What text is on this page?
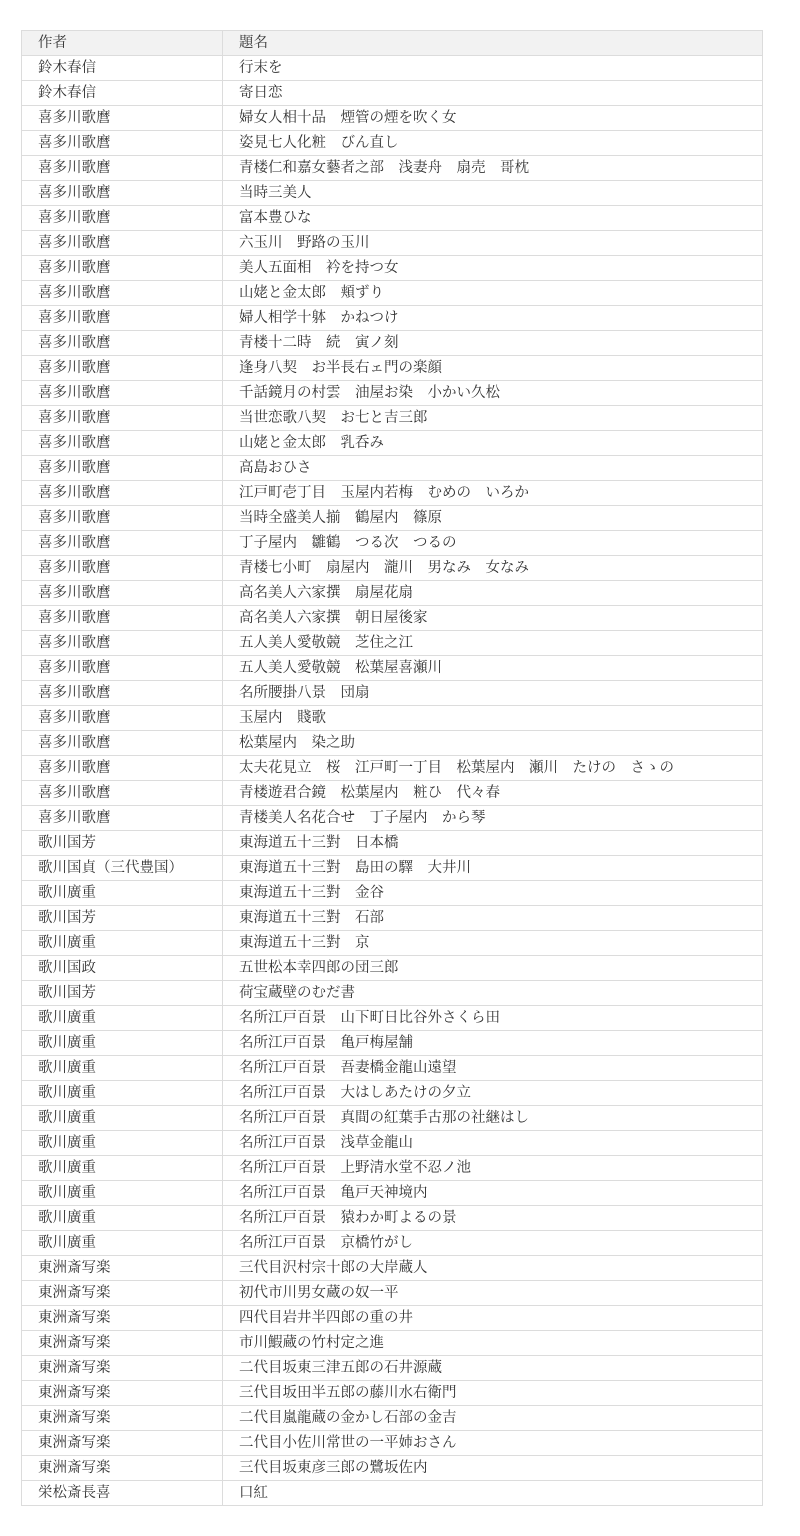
作者	題名
鈴木春信	行末を
鈴木春信	寄日恋
喜多川歌麿	婦女人相十品　煙管の煙を吹く女
喜多川歌麿	姿見七人化粧　びん直し
喜多川歌麿	青楼仁和嘉女藝者之部　浅妻舟　扇売　哥枕
喜多川歌麿	当時三美人
喜多川歌麿	富本豊ひな
喜多川歌麿	六玉川　野路の玉川
喜多川歌麿	美人五面相　衿を持つ女
喜多川歌麿	山姥と金太郎　頬ずり
喜多川歌麿	婦人相学十躰　かねつけ
喜多川歌麿	青楼十二時　続　寅ノ刻
喜多川歌麿	逢身八契　お半長右ェ門の楽顔
喜多川歌麿	千話鏡月の村雲　油屋お染　小かい久松
喜多川歌麿	当世恋歌八契　お七と吉三郎
喜多川歌麿	山姥と金太郎　乳呑み
喜多川歌麿	高島おひさ
喜多川歌麿	江戸町壱丁目　玉屋内若梅　むめの　いろか
喜多川歌麿	当時全盛美人揃　鶴屋内　篠原
喜多川歌麿	丁子屋内　雛鶴　つる次　つるの
喜多川歌麿	青楼七小町　扇屋内　瀧川　男なみ　女なみ
喜多川歌麿	高名美人六家撰　扇屋花扇
喜多川歌麿	高名美人六家撰　朝日屋後家
喜多川歌麿	五人美人愛敬競　芝住之江
喜多川歌麿	五人美人愛敬競　松葉屋喜瀬川
喜多川歌麿	名所腰掛八景　団扇
喜多川歌麿	玉屋内　賤歌
喜多川歌麿	松葉屋内　染之助
喜多川歌麿	太夫花見立　桜　江戸町一丁目　松葉屋内　瀬川　たけの　さゝの
喜多川歌麿	青楼遊君合鏡　松葉屋内　粧ひ　代々春
喜多川歌麿	青楼美人名花合せ　丁子屋内　から琴
歌川国芳	東海道五十三對　日本橋
歌川国貞（三代豊国）	東海道五十三對　島田の驛　大井川
歌川廣重	東海道五十三對　金谷
歌川国芳	東海道五十三對　石部
歌川廣重	東海道五十三對　京
歌川国政	五世松本幸四郎の団三郎
歌川国芳	荷宝蔵壁のむだ書
歌川廣重	名所江戸百景　山下町日比谷外さくら田
歌川廣重	名所江戸百景　亀戸梅屋舗
歌川廣重	名所江戸百景　吾妻橋金龍山遠望
歌川廣重	名所江戸百景　大はしあたけの夕立
歌川廣重	名所江戸百景　真間の紅葉手古那の社継はし
歌川廣重	名所江戸百景　浅草金龍山
歌川廣重	名所江戸百景　上野清水堂不忍ノ池
歌川廣重	名所江戸百景　亀戸天神境内
歌川廣重	名所江戸百景　猿わか町よるの景
歌川廣重	名所江戸百景　京橋竹がし
東洲斎写楽	三代目沢村宗十郎の大岸蔵人
東洲斎写楽	初代市川男女蔵の奴一平
東洲斎写楽	四代目岩井半四郎の重の井
東洲斎写楽	市川鰕蔵の竹村定之進
東洲斎写楽	二代目坂東三津五郎の石井源蔵
東洲斎写楽	三代目坂田半五郎の藤川水右衛門
東洲斎写楽	二代目嵐龍蔵の金かし石部の金吉
東洲斎写楽	二代目小佐川常世の一平姉おさん
東洲斎写楽	三代目坂東彦三郎の鷺坂佐内
栄松斎長喜	口紅
